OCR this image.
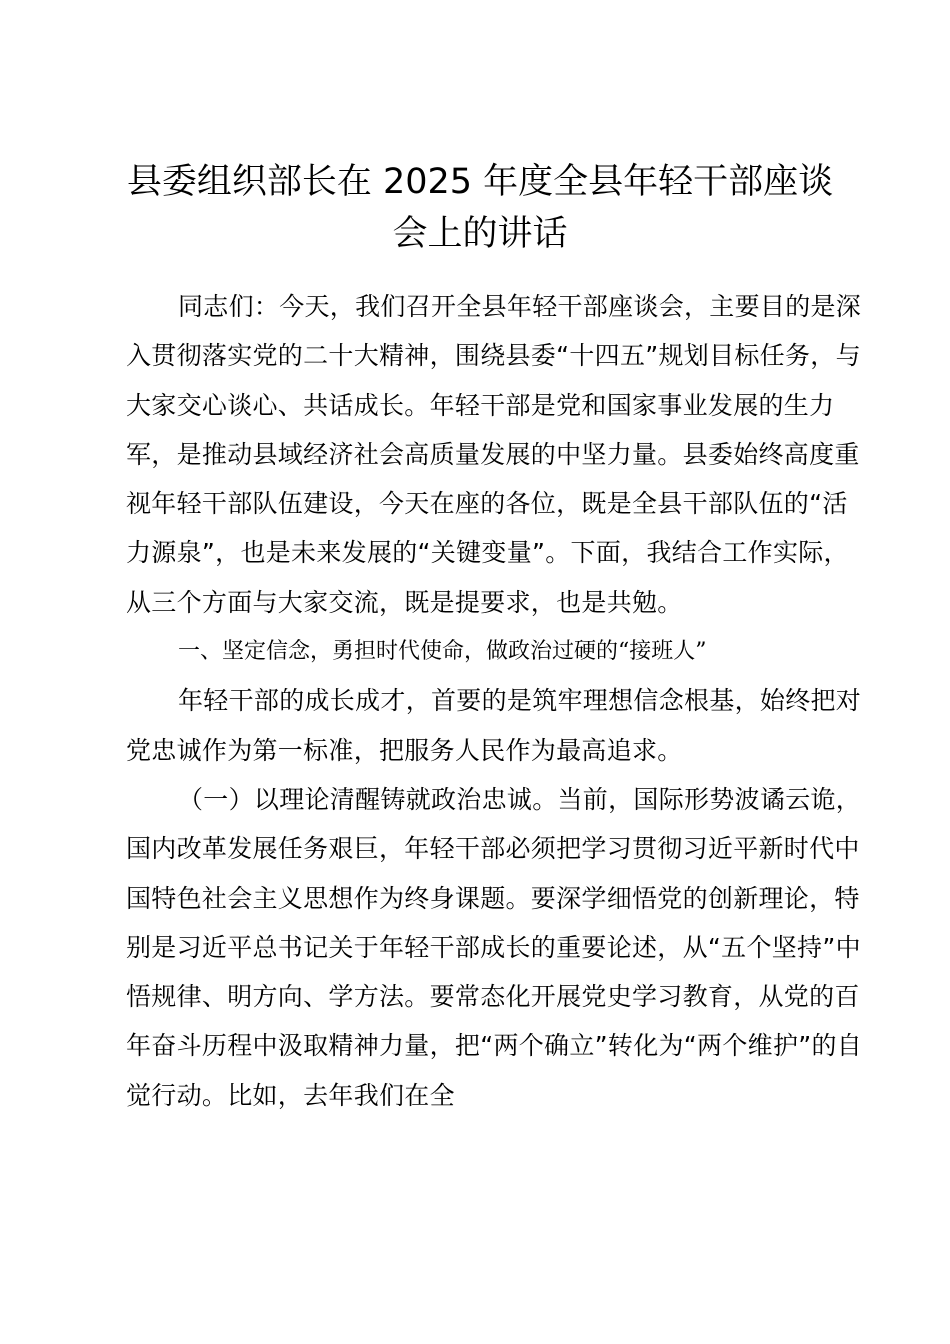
县委组织部长在 2025 年度全县年轻干部座谈
会上的讲话

同志们：今天，我们召开全县年轻干部座谈会，主要目的是深入贯彻落实党的二十大精神，围绕县委“十四五”规划目标任务，与大家交心谈心、共话成长。年轻干部是党和国家事业发展的生力军，是推动县域经济社会高质量发展的中坚力量。县委始终高度重视年轻干部队伍建设，今天在座的各位，既是全县干部队伍的“活力源泉”，也是未来发展的“关键变量”。下面，我结合工作实际，从三个方面与大家交流，既是提要求，也是共勉。

一、坚定信念，勇担时代使命，做政治过硬的“接班人”

年轻干部的成长成才，首要的是筑牢理想信念根基，始终把对党忠诚作为第一标准，把服务人民作为最高追求。

（一）以理论清醒铸就政治忠诚。当前，国际形势波谲云诡，国内改革发展任务艰巨，年轻干部必须把学习贯彻习近平新时代中国特色社会主义思想作为终身课题。要深学细悟党的创新理论，特别是习近平总书记关于年轻干部成长的重要论述，从“五个坚持”中悟规律、明方向、学方法。要常态化开展党史学习教育，从党的百年奋斗历程中汲取精神力量，把“两个确立”转化为“两个维护”的自觉行动。比如，去年我们在全
